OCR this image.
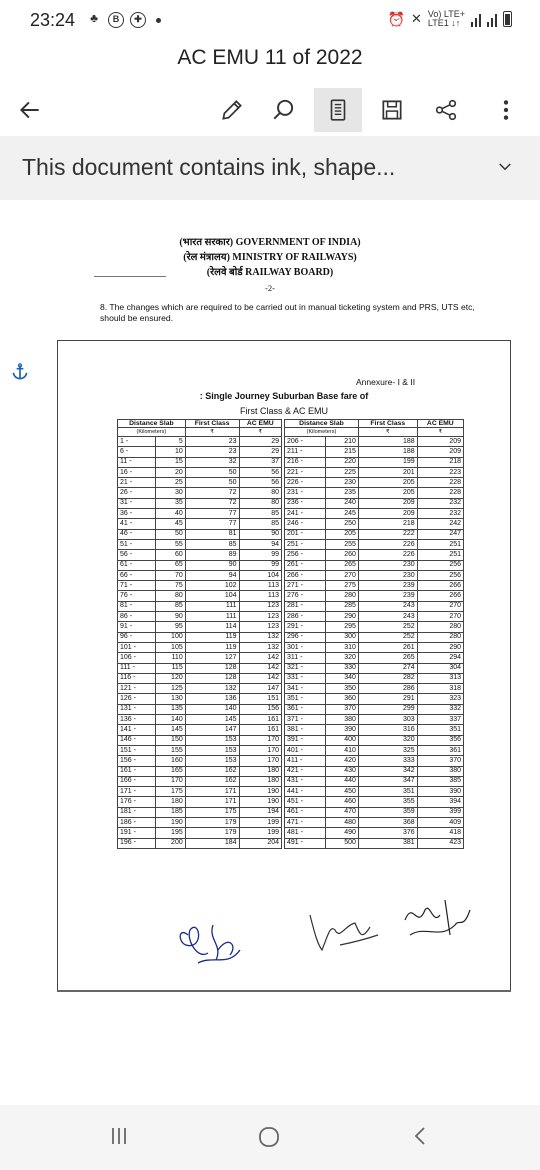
23:24	♣	B	✚	⏰ ✕ Vo) LTE+
LTE1 ↓↑
AC EMU 11 of 2022
This document contains ink, shape...
(भारत सरकार) GOVERNMENT OF INDIA)
(रेल मंत्रालय) MINISTRY OF RAILWAYS)
(रेलवे बोर्ड RAILWAY BOARD)
-2-
8. The changes which are required to be carried out in manual ticketing system and PRS, UTS etc, should be ensured.
Annexure- I & II
: Single Journey Suburban Base fare of
First Class & AC EMU
Distance Slab		First Class	AC EMU
(Kilometers)		₹	₹
1 -	5	23	29
6 -	10	23	29
11 -	15	32	37
16 -	20	50	56
21 -	25	50	56
26 -	30	72	80
31 -	35	72	80
36 -	40	77	85
41 -	45	77	85
46 -	50	81	90
51 -	55	85	94
56 -	60	89	99
61 -	65	90	99
66 -	70	94	104
71 -	75	102	113
76 -	80	104	113
81 -	85	111	123
86 -	90	111	123
91 -	95	114	123
96 -	100	119	132
101 -	105	119	132
106 -	110	127	142
111 -	115	128	142
116 -	120	128	142
121 -	125	132	147
126 -	130	136	151
131 -	135	140	156
136 -	140	145	161
141 -	145	147	161
146 -	150	153	170
151 -	155	153	170
156 -	160	153	170
161 -	165	162	180
166 -	170	162	180
171 -	175	171	190
176 -	180	171	190
181 -	185	175	194
186 -	190	179	199
191 -	195	179	199
196 -	200	184	204
Distance Slab		First Class	AC EMU
(Kilometers)		₹	₹
206 -	210	188	209
211 -	215	188	209
216 -	220	199	218
221 -	225	201	223
226 -	230	205	228
231 -	235	205	228
236 -	240	209	232
241 -	245	209	232
246 -	250	218	242
201 -	205	222	247
251 -	255	226	251
256 -	260	226	251
261 -	265	230	256
266 -	270	230	256
271 -	275	239	266
276 -	280	239	266
281 -	285	243	270
286 -	290	243	270
291 -	295	252	280
296 -	300	252	280
301 -	310	261	290
311 -	320	265	294
321 -	330	274	304
331 -	340	282	313
341 -	350	286	318
351 -	360	291	323
361 -	370	299	332
371 -	380	303	337
381 -	390	316	351
391 -	400	320	356
401 -	410	325	361
411 -	420	333	370
421 -	430	342	380
431 -	440	347	385
441 -	450	351	390
451 -	460	355	394
461 -	470	359	399
471 -	480	368	409
481 -	490	376	418
491 -	500	381	423
